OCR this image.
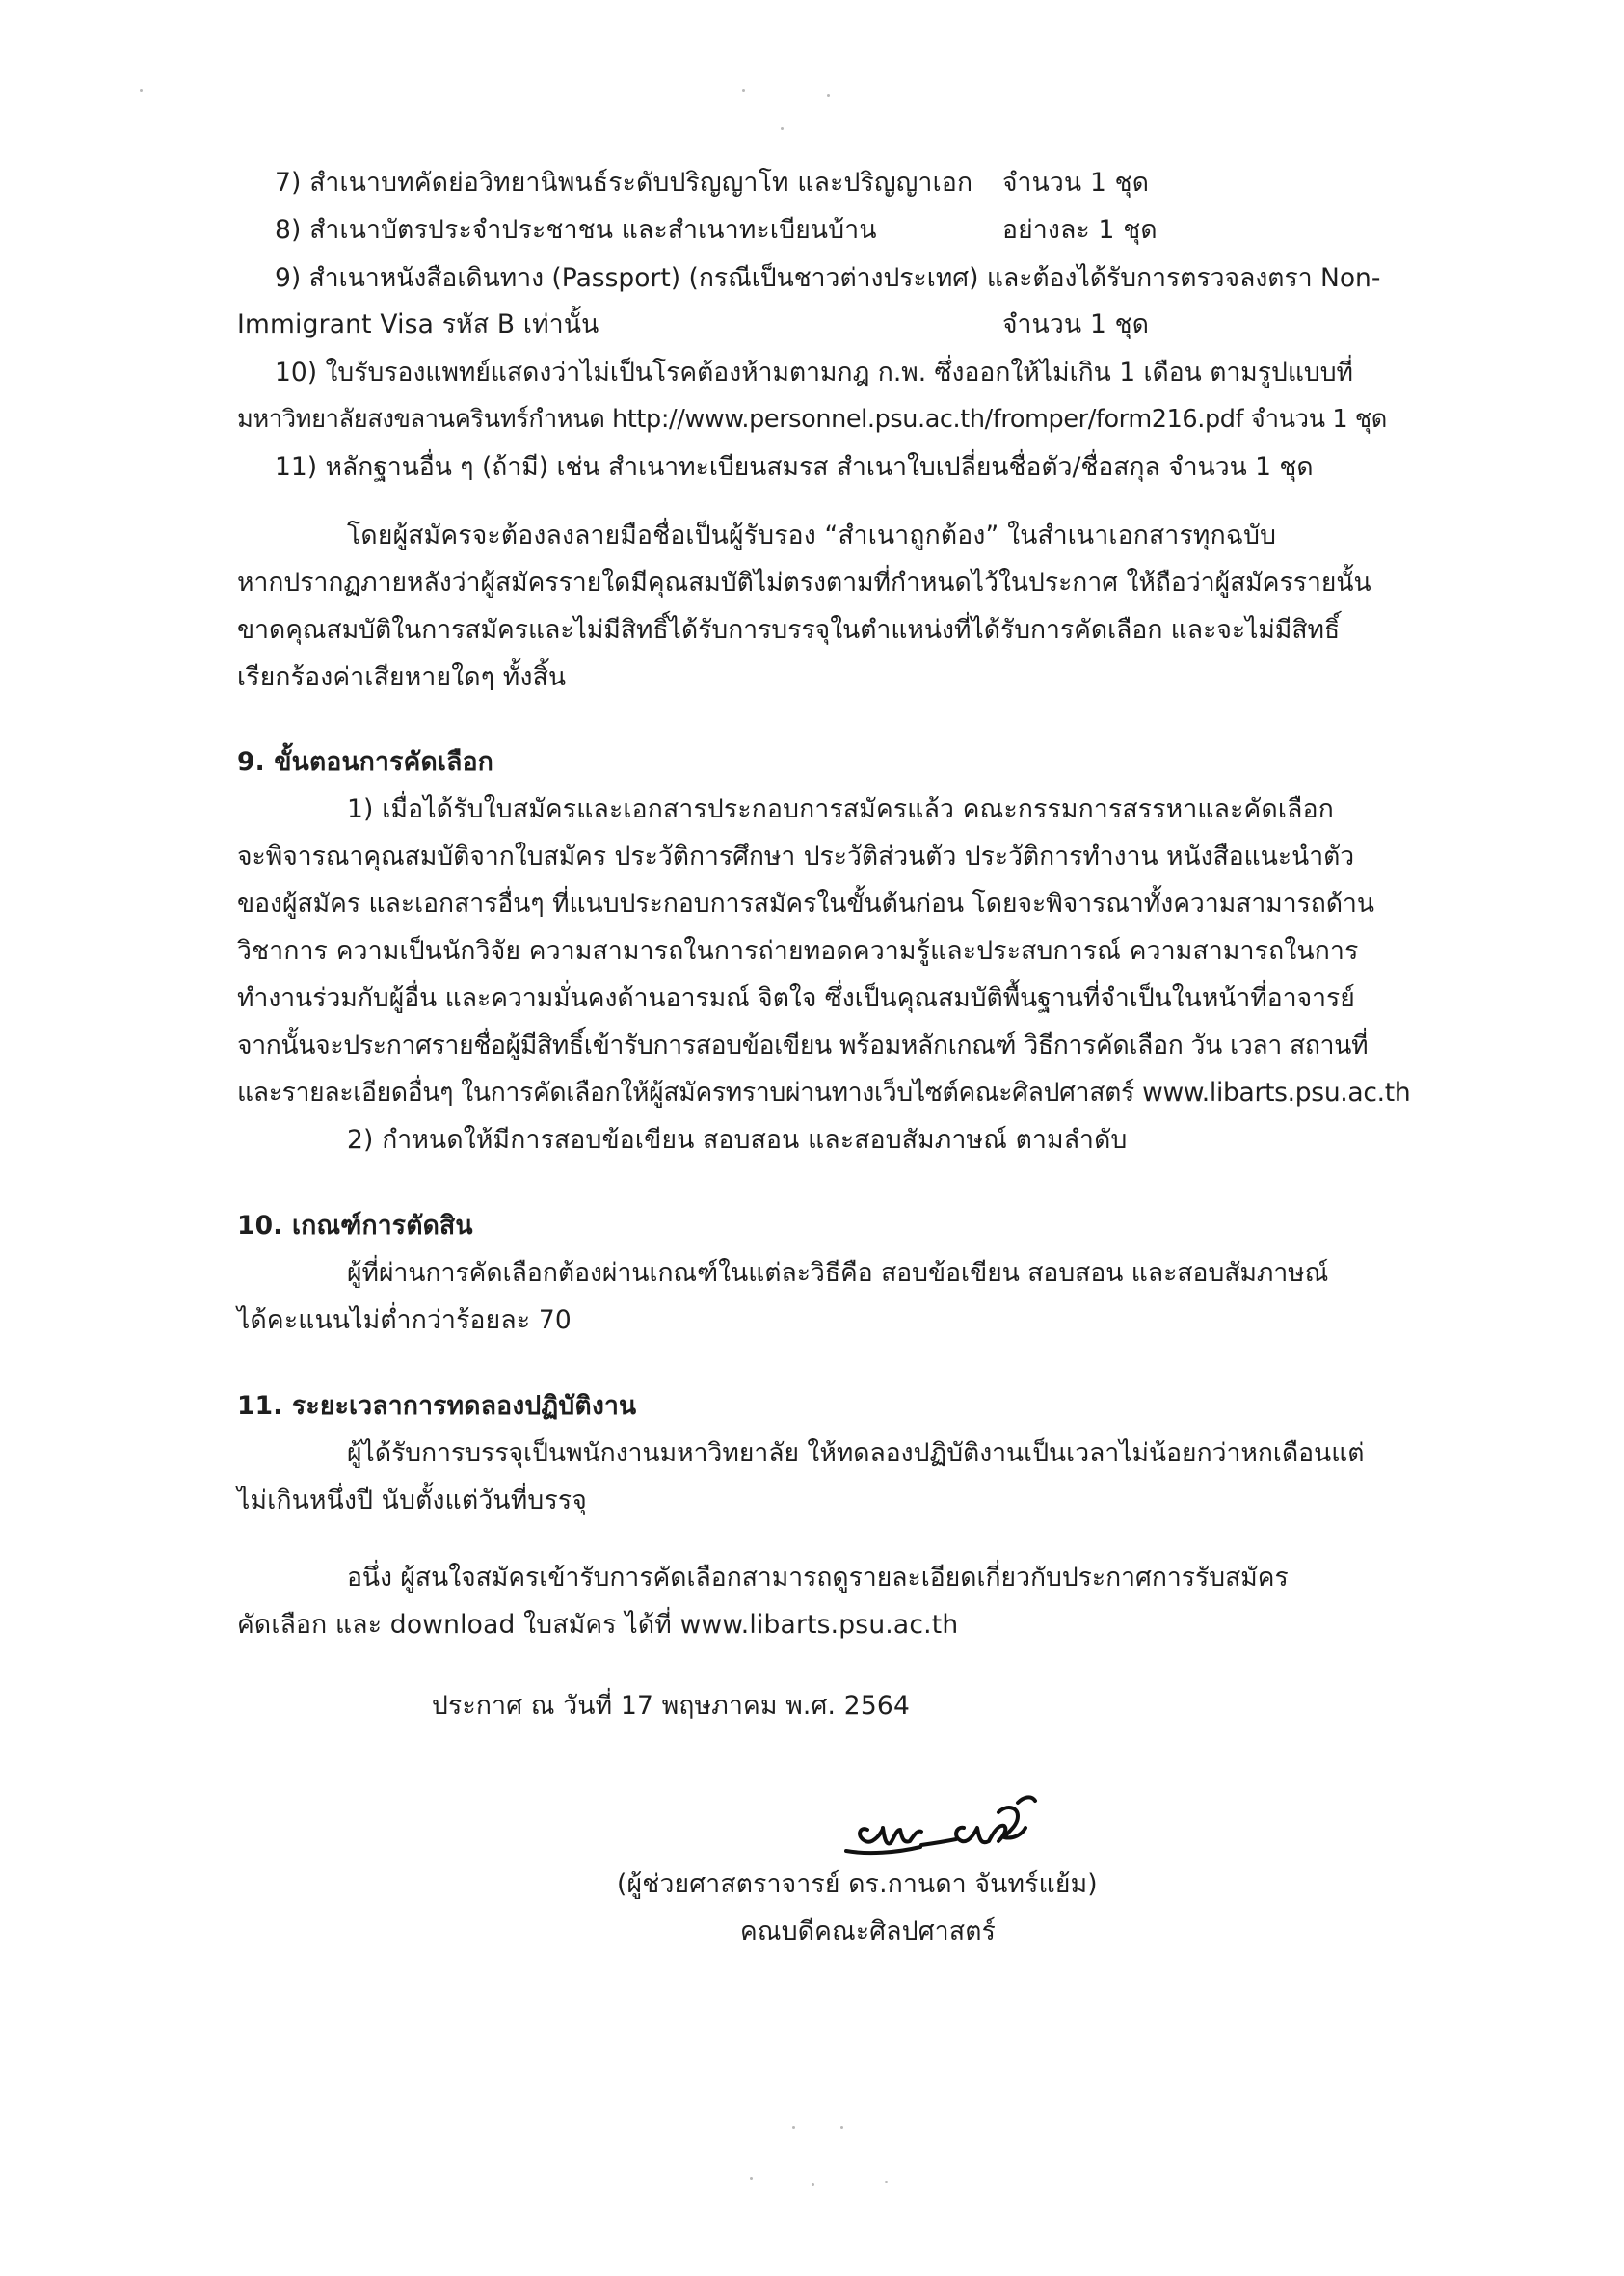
7) สำเนาบทคัดย่อวิทยานิพนธ์ระดับปริญญาโท และปริญญาเอก จำนวน 1 ชุด
8) สำเนาบัตรประจำประชาชน และสำเนาทะเบียนบ้าน	อย่างละ 1 ชุด
9) สำเนาหนังสือเดินทาง (Passport) (กรณีเป็นชาวต่างประเทศ) และต้องได้รับการตรวจลงตรา Non-
Immigrant Visa รหัส B เท่านั้น	จำนวน 1 ชุด
10) ใบรับรองแพทย์แสดงว่าไม่เป็นโรคต้องห้ามตามกฎ ก.พ. ซึ่งออกให้ไม่เกิน 1 เดือน ตามรูปแบบที่
มหาวิทยาลัยสงขลานครินทร์กำหนด http://www.personnel.psu.ac.th/fromper/form216.pdf จำนวน 1 ชุด
11) หลักฐานอื่น ๆ (ถ้ามี) เช่น สำเนาทะเบียนสมรส สำเนาใบเปลี่ยนชื่อตัว/ชื่อสกุล จำนวน 1 ชุด
โดยผู้สมัครจะต้องลงลายมือชื่อเป็นผู้รับรอง “สำเนาถูกต้อง” ในสำเนาเอกสารทุกฉบับ
หากปรากฏภายหลังว่าผู้สมัครรายใดมีคุณสมบัติไม่ตรงตามที่กำหนดไว้ในประกาศ ให้ถือว่าผู้สมัครรายนั้น
ขาดคุณสมบัติในการสมัครและไม่มีสิทธิ์ได้รับการบรรจุในตำแหน่งที่ได้รับการคัดเลือก และจะไม่มีสิทธิ์
เรียกร้องค่าเสียหายใดๆ ทั้งสิ้น
9. ขั้นตอนการคัดเลือก
1) เมื่อได้รับใบสมัครและเอกสารประกอบการสมัครแล้ว คณะกรรมการสรรหาและคัดเลือก
จะพิจารณาคุณสมบัติจากใบสมัคร ประวัติการศึกษา ประวัติส่วนตัว ประวัติการทำงาน หนังสือแนะนำตัว
ของผู้สมัคร และเอกสารอื่นๆ ที่แนบประกอบการสมัครในขั้นต้นก่อน โดยจะพิจารณาทั้งความสามารถด้าน
วิชาการ ความเป็นนักวิจัย ความสามารถในการถ่ายทอดความรู้และประสบการณ์ ความสามารถในการ
ทำงานร่วมกับผู้อื่น และความมั่นคงด้านอารมณ์ จิตใจ ซึ่งเป็นคุณสมบัติพื้นฐานที่จำเป็นในหน้าที่อาจารย์
จากนั้นจะประกาศรายชื่อผู้มีสิทธิ์เข้ารับการสอบข้อเขียน พร้อมหลักเกณฑ์ วิธีการคัดเลือก วัน เวลา สถานที่
และรายละเอียดอื่นๆ ในการคัดเลือกให้ผู้สมัครทราบผ่านทางเว็บไซต์คณะศิลปศาสตร์ www.libarts.psu.ac.th
2) กำหนดให้มีการสอบข้อเขียน สอบสอน และสอบสัมภาษณ์ ตามลำดับ
10. เกณฑ์การตัดสิน
ผู้ที่ผ่านการคัดเลือกต้องผ่านเกณฑ์ในแต่ละวิธีคือ สอบข้อเขียน สอบสอน และสอบสัมภาษณ์
ได้คะแนนไม่ต่ำกว่าร้อยละ 70
11. ระยะเวลาการทดลองปฏิบัติงาน
ผู้ได้รับการบรรจุเป็นพนักงานมหาวิทยาลัย ให้ทดลองปฏิบัติงานเป็นเวลาไม่น้อยกว่าหกเดือนแต่
ไม่เกินหนึ่งปี นับตั้งแต่วันที่บรรจุ
อนึ่ง ผู้สนใจสมัครเข้ารับการคัดเลือกสามารถดูรายละเอียดเกี่ยวกับประกาศการรับสมัคร
คัดเลือก และ download ใบสมัคร ได้ที่ www.libarts.psu.ac.th
ประกาศ ณ วันที่ 17 พฤษภาคม พ.ศ. 2564
(ผู้ช่วยศาสตราจารย์ ดร.กานดา จันทร์แย้ม)
คณบดีคณะศิลปศาสตร์
